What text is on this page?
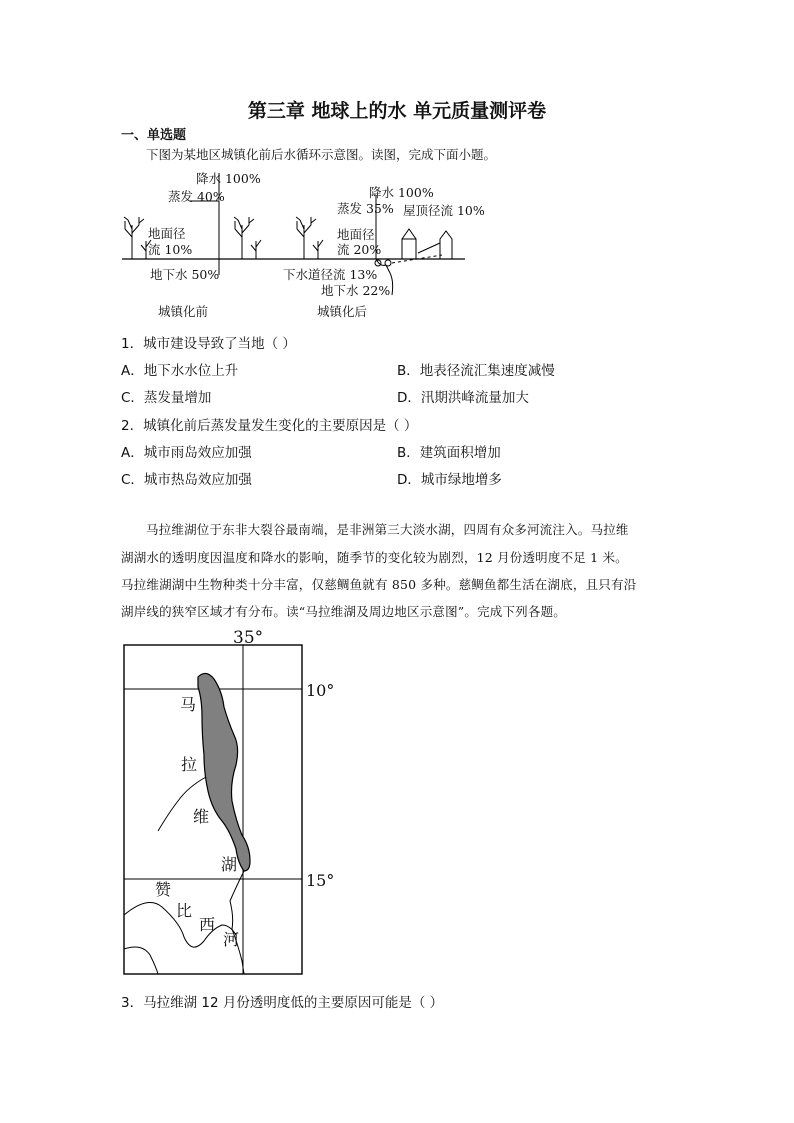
第三章 地球上的水 单元质量测评卷
一、单选题
下图为某地区城镇化前后水循环示意图。读图，完成下面小题。
降水 100%
蒸发 40%
地面径
流 10%
地下水 50%
城镇化前
降水 100%
蒸发 35% 屋顶径流 10%
地面径
流 20%
下水道径流 13%
地下水 22%
城镇化后
1．城市建设导致了当地（ ）
A．地下水水位上升	B．地表径流汇集速度减慢
C．蒸发量增加	D．汛期洪峰流量加大
2．城镇化前后蒸发量发生变化的主要原因是（ ）
A．城市雨岛效应加强	B．建筑面积增加
C．城市热岛效应加强	D．城市绿地增多
马拉维湖位于东非大裂谷最南端，是非洲第三大淡水湖，四周有众多河流注入。马拉维
湖湖水的透明度因温度和降水的影响，随季节的变化较为剧烈，12 月份透明度不足 1 米。
马拉维湖湖中生物种类十分丰富，仅慈鲷鱼就有 850 多种。慈鲷鱼都生活在湖底，且只有沿
湖岸线的狭窄区域才有分布。读“马拉维湖及周边地区示意图”。完成下列各题。
35°
10°
15°
马
拉
维
湖
赞
比
西
河
3．马拉维湖 12 月份透明度低的主要原因可能是（ ）
